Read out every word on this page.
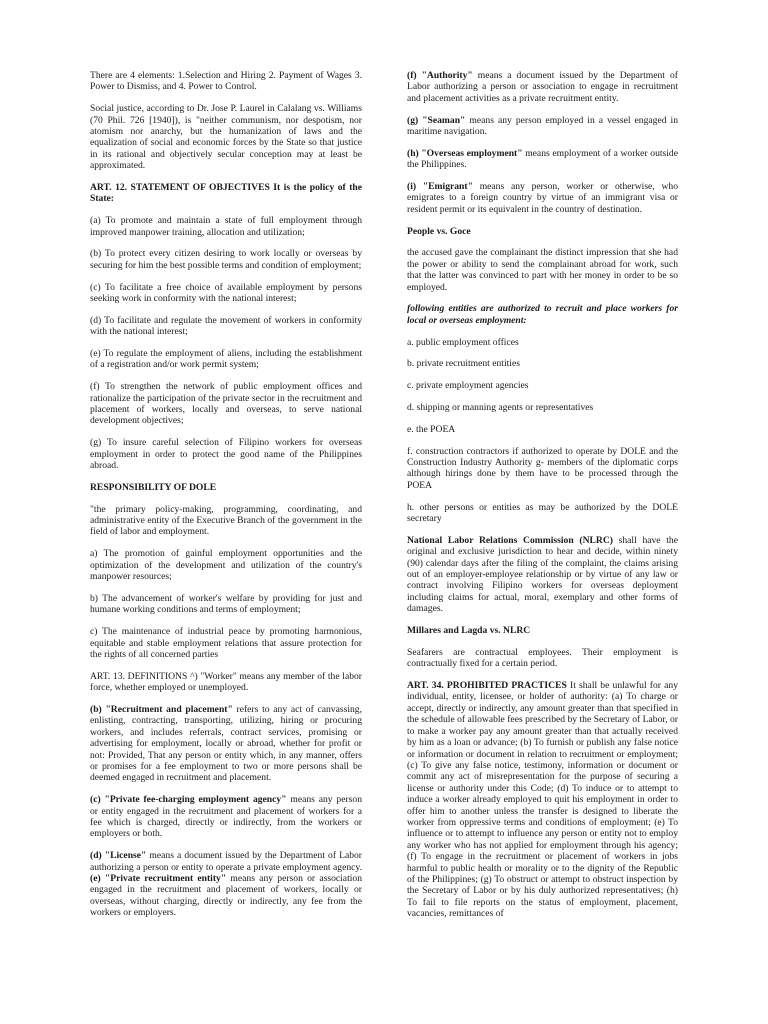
There are 4 elements: 1.Selection and Hiring 2. Payment of Wages 3. Power to Dismiss, and 4. Power to Control.

Social justice, according to Dr. Jose P. Laurel in Calalang vs. Williams (70 Phil. 726 [1940]), is "neither communism, nor despotism, nor atomism nor anarchy, but the humanization of laws and the equalization of social and economic forces by the State so that justice in its rational and objectively secular conception may at least be approximated.

ART. 12. STATEMENT OF OBJECTIVES It is the policy of the State:

(a) To promote and maintain a state of full employment through improved manpower training, allocation and utilization;

(b) To protect every citizen desiring to work locally or overseas by securing for him the best possible terms and condition of employment;

(c) To facilitate a free choice of available employment by persons seeking work in conformity with the national interest;

(d) To facilitate and regulate the movement of workers in conformity with the national interest;

(e) To regulate the employment of aliens, including the establishment of a registration and/or work permit system;

(f) To strengthen the network of public employment offices and rationalize the participation of the private sector in the recruitment and placement of workers, locally and overseas, to serve national development objectives;

(g) To insure careful selection of Filipino workers for overseas employment in order to protect the good name of the Philippines abroad.

RESPONSIBILITY OF DOLE

"the primary policy-making, programming, coordinating, and administrative entity of the Executive Branch of the government in the field of labor and employment.

a) The promotion of gainful employment opportunities and the optimization of the development and utilization of the country's manpower resources;

b) The advancement of worker's welfare by providing for just and humane working conditions and terms of employment;

c) The maintenance of industrial peace by promoting harmonious, equitable and stable employment relations that assure protection for the rights of all concerned parties

ART. 13. DEFINITIONS ^) "Worker" means any member of the labor force, whether employed or unemployed.

(b) "Recruitment and placement" refers to any act of canvassing, enlisting, contracting, transporting, utilizing, hiring or procuring workers, and includes referrals, contract services, promising or advertising for employment, locally or abroad, whether for profit or not: Provided, That any person or entity which, in any manner, offers or promises for a fee employment to two or more persons shall be deemed engaged in recruitment and placement.

(c) "Private fee-charging employment agency" means any person or entity engaged in the recruitment and placement of workers for a fee which is charged, directly or indirectly, from the workers or employers or both.

(d) "License" means a document issued by the Department of Labor authorizing a person or entity to operate a private employment agency. (e) "Private recruitment entity" means any person or association engaged in the recruitment and placement of workers, locally or overseas, without charging, directly or indirectly, any fee from the workers or employers.

(f) "Authority" means a document issued by the Department of Labor authorizing a person or association to engage in recruitment and placement activities as a private recruitment entity.

(g) "Seaman" means any person employed in a vessel engaged in maritime navigation.

(h) "Overseas employment" means employment of a worker outside the Philippines.

(i) "Emigrant" means any person, worker or otherwise, who emigrates to a foreign country by virtue of an immigrant visa or resident permit or its equivalent in the country of destination.

People vs. Goce

the accused gave the complainant the distinct impression that she had the power or ability to send the complainant abroad for work, such that the latter was convinced to part with her money in order to be so employed.

following entities are authorized to recruit and place workers for local or overseas employment:

a. public employment offices

b. private recruitment entities

c. private employment agencies

d. shipping or manning agents or representatives

e. the POEA

f. construction contractors if authorized to operate by DOLE and the Construction Industry Authority g- members of the diplomatic corps although hirings done by them have to be processed through the POEA

h. other persons or entities as may be authorized by the DOLE secretary

National Labor Relations Commission (NLRC) shall have the original and exclusive jurisdiction to hear and decide, within ninety (90) calendar days after the filing of the complaint, the claims arising out of an employer-employee relationship or by virtue of any law or contract involving Filipino workers for overseas deployment including claims for actual, moral, exemplary and other forms of damages.

Millares and Lagda vs. NLRC

Seafarers are contractual employees. Their employment is contractually fixed for a certain period.

ART. 34. PROHIBITED PRACTICES It shall be unlawful for any individual, entity, licensee, or holder of authority: (a) To charge or accept, directly or indirectly, any amount greater than that specified in the schedule of allowable fees prescribed by the Secretary of Labor, or to make a worker pay any amount greater than that actually received by him as a loan or advance; (b) To furnish or publish any false notice or information or document in relation to recruitment or employment; (c) To give any false notice, testimony, information or document or commit any act of misrepresentation for the purpose of securing a license or authority under this Code; (d) To induce or to attempt to induce a worker already employed to quit his employment in order to offer him to another unless the transfer is designed to liberate the worker from oppressive terms and conditions of employment; (e) To influence or to attempt to influence any person or entity not to employ any worker who has not applied for employment through his agency; (f) To engage in the recruitment or placement of workers in jobs harmful to public health or morality or to the dignity of the Republic of the Philippines; (g) To obstruct or attempt to obstruct inspection by the Secretary of Labor or by his duly authorized representatives; (h) To fail to file reports on the status of employment, placement, vacancies, remittances of
